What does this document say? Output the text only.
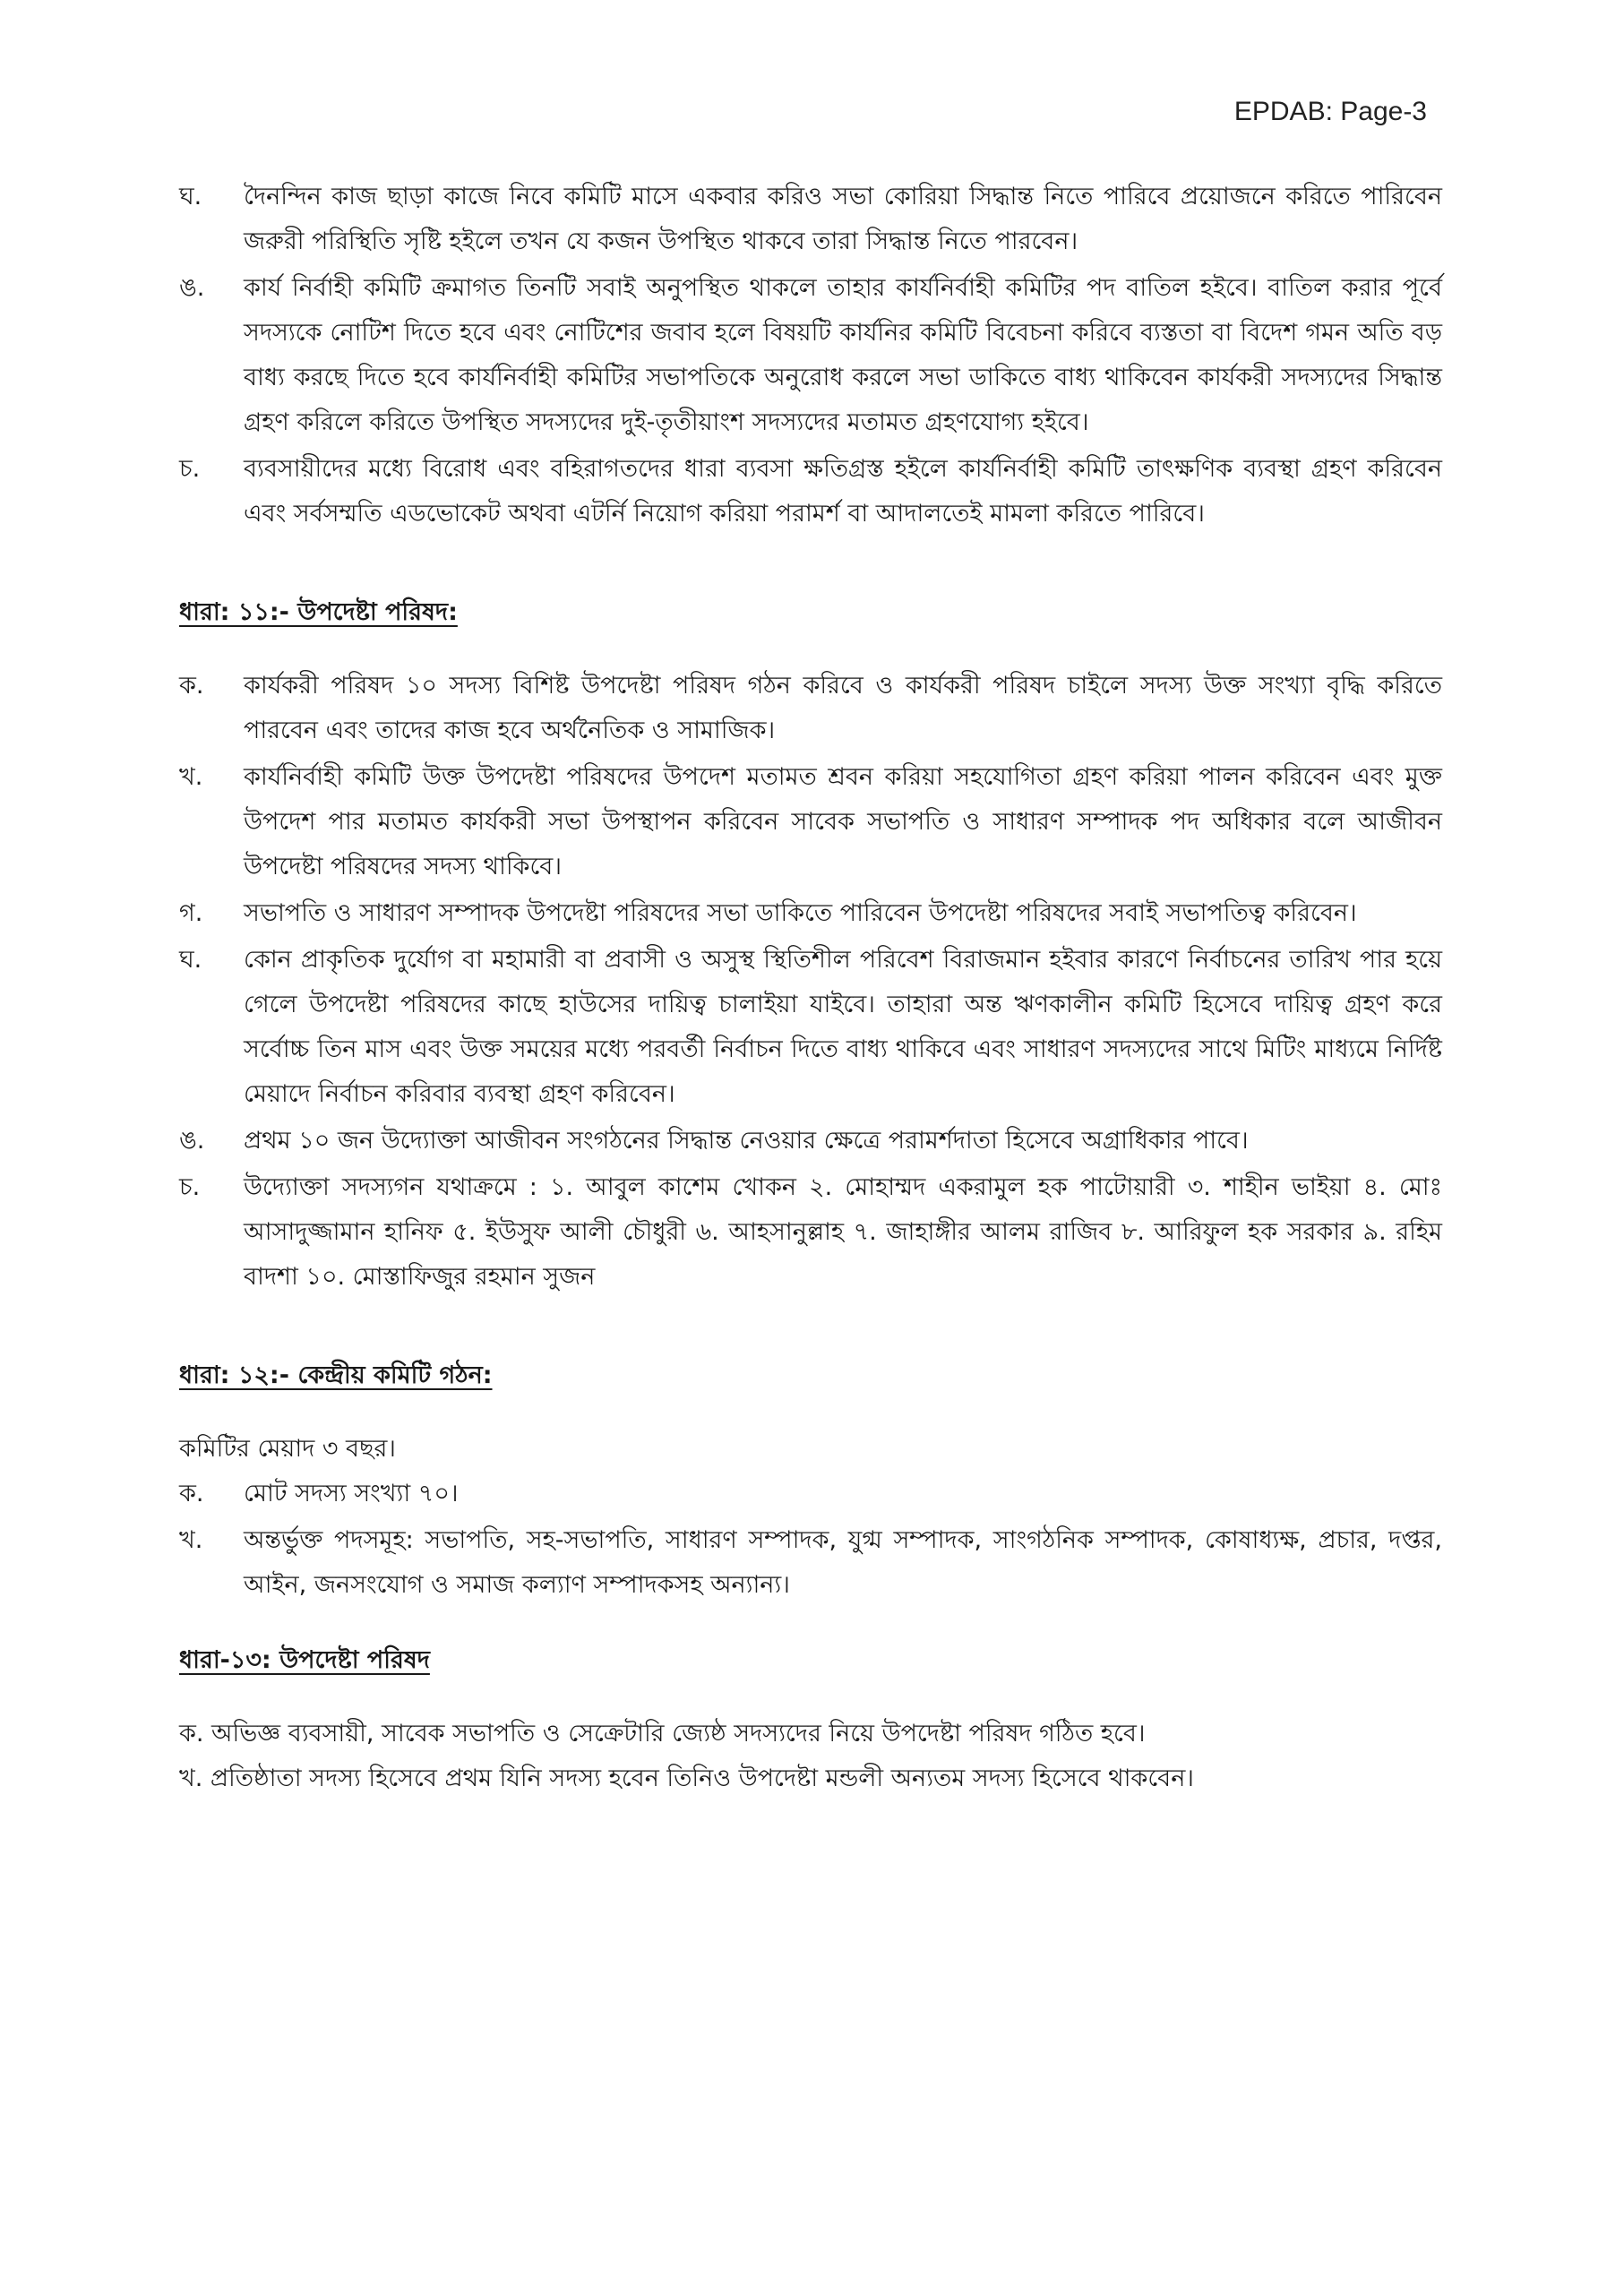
EPDAB: Page-3

ঘ. দৈনন্দিন কাজ ছাড়া কাজে নিবে কমিটি মাসে একবার করিও সভা কোরিয়া সিদ্ধান্ত নিতে পারিবে প্রয়োজনে করিতে পারিবেন জরুরী পরিস্থিতি সৃষ্টি হইলে তখন যে কজন উপস্থিত থাকবে তারা সিদ্ধান্ত নিতে পারবেন।

ঙ. কার্য নির্বাহী কমিটি ক্রমাগত তিনটি সবাই অনুপস্থিত থাকলে তাহার কার্যনির্বাহী কমিটির পদ বাতিল হইবে। বাতিল করার পূর্বে সদস্যকে নোটিশ দিতে হবে এবং নোটিশের জবাব হলে বিষয়টি কার্যনির কমিটি বিবেচনা করিবে ব্যস্ততা বা বিদেশ গমন অতি বড় বাধ্য করছে দিতে হবে কার্যনির্বাহী কমিটির সভাপতিকে অনুরোধ করলে সভা ডাকিতে বাধ্য থাকিবেন কার্যকরী সদস্যদের সিদ্ধান্ত গ্রহণ করিলে করিতে উপস্থিত সদস্যদের দুই-তৃতীয়াংশ সদস্যদের মতামত গ্রহণযোগ্য হইবে।

চ. ব্যবসায়ীদের মধ্যে বিরোধ এবং বহিরাগতদের ধারা ব্যবসা ক্ষতিগ্রস্ত হইলে কার্যনির্বাহী কমিটি তাৎক্ষণিক ব্যবস্থা গ্রহণ করিবেন এবং সর্বসম্মতি এডভোকেট অথবা এটর্নি নিয়োগ করিয়া পরামর্শ বা আদালতেই মামলা করিতে পারিবে।

ধারা: ১১:- উপদেষ্টা পরিষদ:

ক. কার্যকরী পরিষদ ১০ সদস্য বিশিষ্ট উপদেষ্টা পরিষদ গঠন করিবে ও কার্যকরী পরিষদ চাইলে সদস্য উক্ত সংখ্যা বৃদ্ধি করিতে পারবেন এবং তাদের কাজ হবে অর্থনৈতিক ও সামাজিক।

খ. কার্যনির্বাহী কমিটি উক্ত উপদেষ্টা পরিষদের উপদেশ মতামত শ্রবন করিয়া সহযোগিতা গ্রহণ করিয়া পালন করিবেন এবং মুক্ত উপদেশ পার মতামত কার্যকরী সভা উপস্থাপন করিবেন সাবেক সভাপতি ও সাধারণ সম্পাদক পদ অধিকার বলে আজীবন উপদেষ্টা পরিষদের সদস্য থাকিবে।

গ. সভাপতি ও সাধারণ সম্পাদক উপদেষ্টা পরিষদের সভা ডাকিতে পারিবেন উপদেষ্টা পরিষদের সবাই সভাপতিত্ব করিবেন।

ঘ. কোন প্রাকৃতিক দুর্যোগ বা মহামারী বা প্রবাসী ও অসুস্থ স্থিতিশীল পরিবেশ বিরাজমান হইবার কারণে নির্বাচনের তারিখ পার হয়ে গেলে উপদেষ্টা পরিষদের কাছে হাউসের দায়িত্ব চালাইয়া যাইবে। তাহারা অন্ত ঋণকালীন কমিটি হিসেবে দায়িত্ব গ্রহণ করে সর্বোচ্চ তিন মাস এবং উক্ত সময়ের মধ্যে পরবর্তী নির্বাচন দিতে বাধ্য থাকিবে এবং সাধারণ সদস্যদের সাথে মিটিং মাধ্যমে নির্দিষ্ট মেয়াদে নির্বাচন করিবার ব্যবস্থা গ্রহণ করিবেন।

ঙ. প্রথম ১০ জন উদ্যোক্তা আজীবন সংগঠনের সিদ্ধান্ত নেওয়ার ক্ষেত্রে পরামর্শদাতা হিসেবে অগ্রাধিকার পাবে।

চ. উদ্যোক্তা সদস্যগন যথাক্রমে : ১. আবুল কাশেম খোকন ২. মোহাম্মদ একরামুল হক পাটোয়ারী ৩. শাহীন ভাইয়া ৪. মোঃ আসাদুজ্জামান হানিফ ৫. ইউসুফ আলী চৌধুরী ৬. আহসানুল্লাহ ৭. জাহাঙ্গীর আলম রাজিব ৮. আরিফুল হক সরকার ৯. রহিম বাদশা ১০. মোস্তাফিজুর রহমান সুজন

ধারা: ১২:- কেন্দ্রীয় কমিটি গঠন:

কমিটির মেয়াদ ৩ বছর।

ক. মোট সদস্য সংখ্যা ৭০।

খ. অন্তর্ভুক্ত পদসমূহ: সভাপতি, সহ-সভাপতি, সাধারণ সম্পাদক, যুগ্ম সম্পাদক, সাংগঠনিক সম্পাদক, কোষাধ্যক্ষ, প্রচার, দপ্তর, আইন, জনসংযোগ ও সমাজ কল্যাণ সম্পাদকসহ অন্যান্য।

ধারা-১৩: উপদেষ্টা পরিষদ

ক. অভিজ্ঞ ব্যবসায়ী, সাবেক সভাপতি ও সেক্রেটারি জ্যেষ্ঠ সদস্যদের নিয়ে উপদেষ্টা পরিষদ গঠিত হবে।

খ. প্রতিষ্ঠাতা সদস্য হিসেবে প্রথম যিনি সদস্য হবেন তিনিও উপদেষ্টা মন্ডলী অন্যতম সদস্য হিসেবে থাকবেন।
